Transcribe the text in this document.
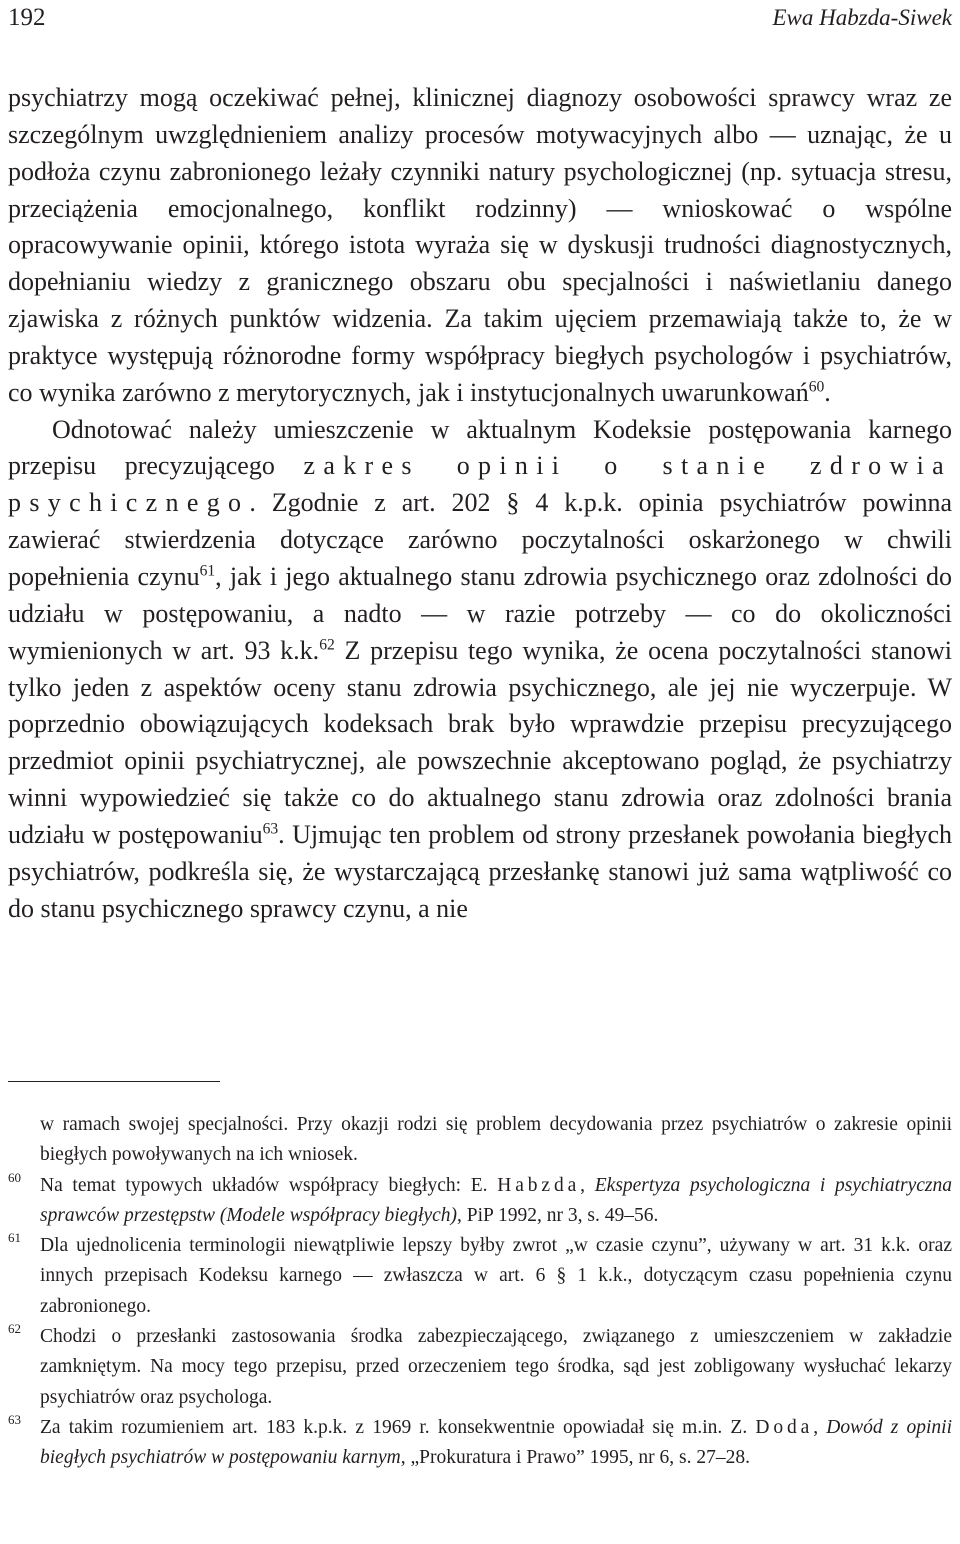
192	Ewa Habzda-Siwek

psychiatrzy mogą oczekiwać pełnej, klinicznej diagnozy osobowości sprawcy wraz ze szczególnym uwzględnieniem analizy procesów motywacyjnych albo — uznając, że u podłoża czynu zabronionego leżały czynniki natury psychologicznej (np. sytuacja stresu, przeciążenia emocjonalnego, konflikt rodzinny) — wnioskować o wspólne opracowywanie opinii, którego istota wyraża się w dyskusji trudności diagnostycznych, dopełnianiu wiedzy z granicznego obszaru obu specjalności i naświetlaniu danego zjawiska z różnych punktów widzenia. Za takim ujęciem przemawiają także to, że w praktyce występują różnorodne formy współpracy biegłych psychologów i psychiatrów, co wynika zarówno z merytorycznych, jak i instytucjonalnych uwarunkowań$^{60}$.

Odnotować należy umieszczenie w aktualnym Kodeksie postępowania karnego przepisu precyzującego zakres opinii o stanie zdrowia psychicznego. Zgodnie z art. 202 § 4 k.p.k. opinia psychiatrów powinna zawierać stwierdzenia dotyczące zarówno poczytalności oskarżonego w chwili popełnienia czynu$^{61}$, jak i jego aktualnego stanu zdrowia psychicznego oraz zdolności do udziału w postępowaniu, a nadto — w razie potrzeby — co do okoliczności wymienionych w art. 93 k.k.$^{62}$ Z przepisu tego wynika, że ocena poczytalności stanowi tylko jeden z aspektów oceny stanu zdrowia psychicznego, ale jej nie wyczerpuje. W poprzednio obowiązujących kodeksach brak było wprawdzie przepisu precyzującego przedmiot opinii psychiatrycznej, ale powszechnie akceptowano pogląd, że psychiatrzy winni wypowiedzieć się także co do aktualnego stanu zdrowia oraz zdolności brania udziału w postępowaniu$^{63}$. Ujmując ten problem od strony przesłanek powołania biegłych psychiatrów, podkreśla się, że wystarczającą przesłankę stanowi już sama wątpliwość co do stanu psychicznego sprawcy czynu, a nie

w ramach swojej specjalności. Przy okazji rodzi się problem decydowania przez psychiatrów o zakresie opinii biegłych powoływanych na ich wniosek.

60 Na temat typowych układów współpracy biegłych: E. Habzda, Ekspertyza psychologiczna i psychiatryczna sprawców przestępstw (Modele współpracy biegłych), PiP 1992, nr 3, s. 49–56.

61 Dla ujednolicenia terminologii niewątpliwie lepszy byłby zwrot „w czasie czynu”, używany w art. 31 k.k. oraz innych przepisach Kodeksu karnego — zwłaszcza w art. 6 § 1 k.k., dotyczącym czasu popełnienia czynu zabronionego.

62 Chodzi o przesłanki zastosowania środka zabezpieczającego, związanego z umieszczeniem w zakładzie zamkniętym. Na mocy tego przepisu, przed orzeczeniem tego środka, sąd jest zobligowany wysłuchać lekarzy psychiatrów oraz psychologa.

63 Za takim rozumieniem art. 183 k.p.k. z 1969 r. konsekwentnie opowiadał się m.in. Z. Doda, Dowód z opinii biegłych psychiatrów w postępowaniu karnym, „Prokuratura i Prawo” 1995, nr 6, s. 27–28.
